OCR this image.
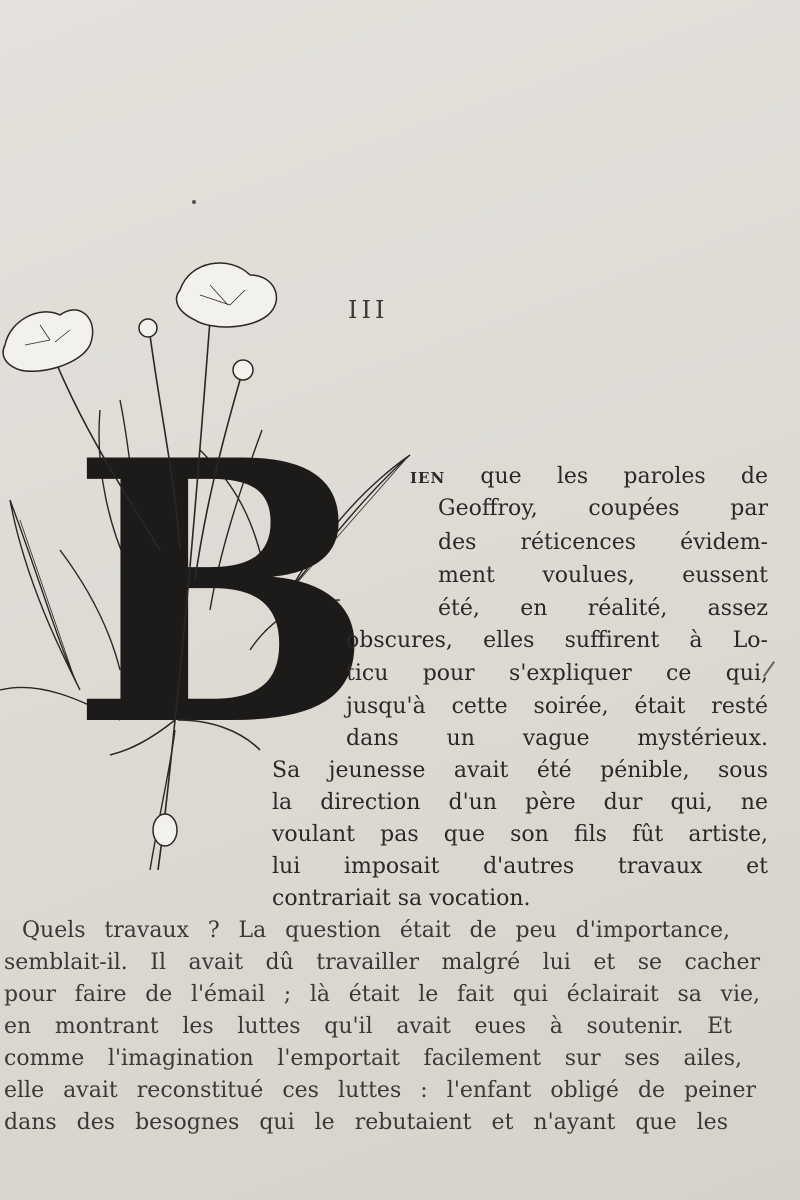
III
B IEN que les paroles de
Geoffroy, coupées par
des réticences évidem-
ment voulues, eussent
été, en réalité, assez
obscures, elles suffirent à Lo-
ticu pour s'expliquer ce qui,
jusqu'à cette soirée, était resté
dans un vague mystérieux.
Sa jeunesse avait été pénible, sous
la direction d'un père dur qui, ne
voulant pas que son fils fût artiste,
lui imposait d'autres travaux et
contrariait sa vocation.
Quels travaux ? La question était de peu d'importance,
semblait-il. Il avait dû travailler malgré lui et se cacher
pour faire de l'émail ; là était le fait qui éclairait sa vie,
en montrant les luttes qu'il avait eues à soutenir. Et
comme l'imagination l'emportait facilement sur ses ailes,
elle avait reconstitué ces luttes : l'enfant obligé de peiner
dans des besognes qui le rebutaient et n'ayant que les
